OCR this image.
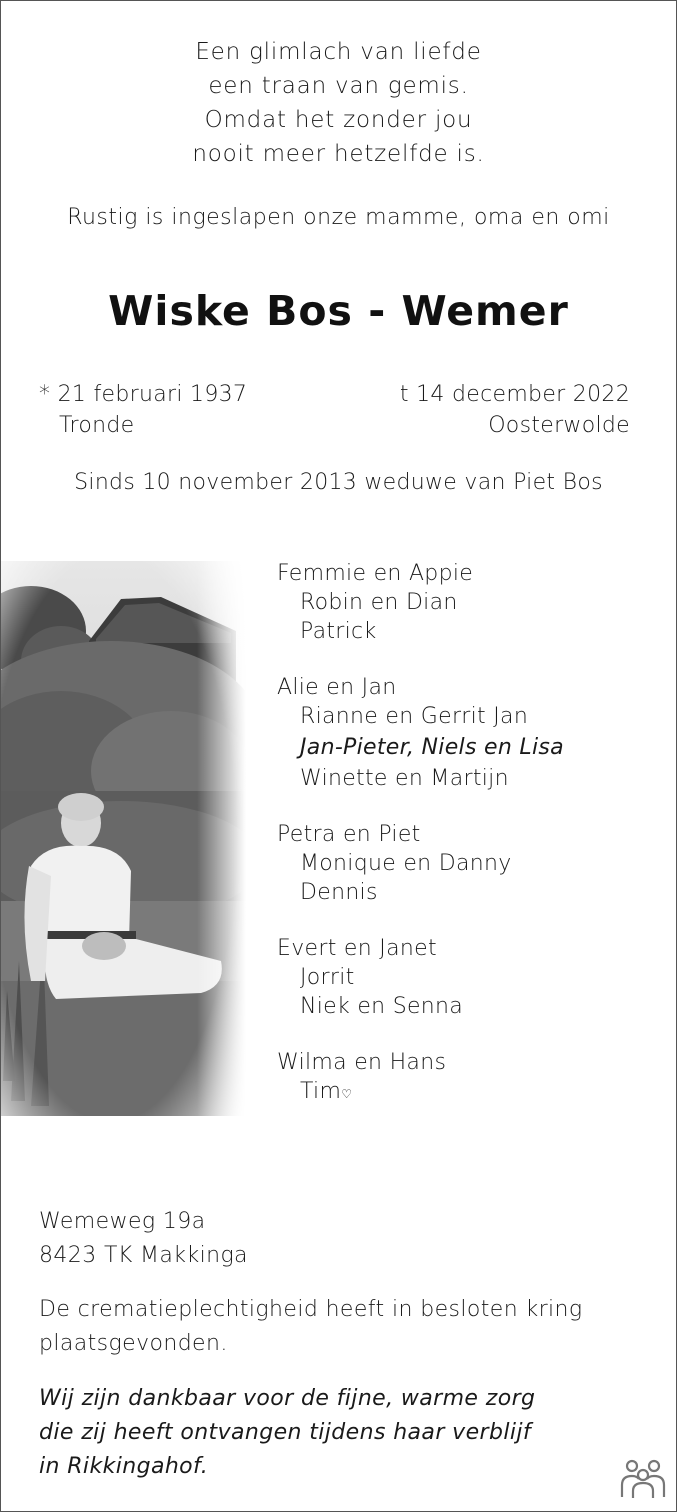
Een glimlach van liefde
een traan van gemis.
Omdat het zonder jou
nooit meer hetzelfde is.
Rustig is ingeslapen onze mamme, oma en omi
Wiske Bos - Wemer
* 21 februari 1937
Tronde
t 14 december 2022
Oosterwolde
Sinds 10 november 2013 weduwe van Piet Bos
Femmie en Appie
Robin en Dian
Patrick
Alie en Jan
Rianne en Gerrit Jan
Jan-Pieter, Niels en Lisa
Winette en Martijn
Petra en Piet
Monique en Danny
Dennis
Evert en Janet
Jorrit
Niek en Senna
Wilma en Hans
Tim♡
Wemeweg 19a
8423 TK Makkinga
De crematieplechtigheid heeft in besloten kring
plaatsgevonden.
Wij zijn dankbaar voor de fijne, warme zorg
die zij heeft ontvangen tijdens haar verblijf
in Rikkingahof.
